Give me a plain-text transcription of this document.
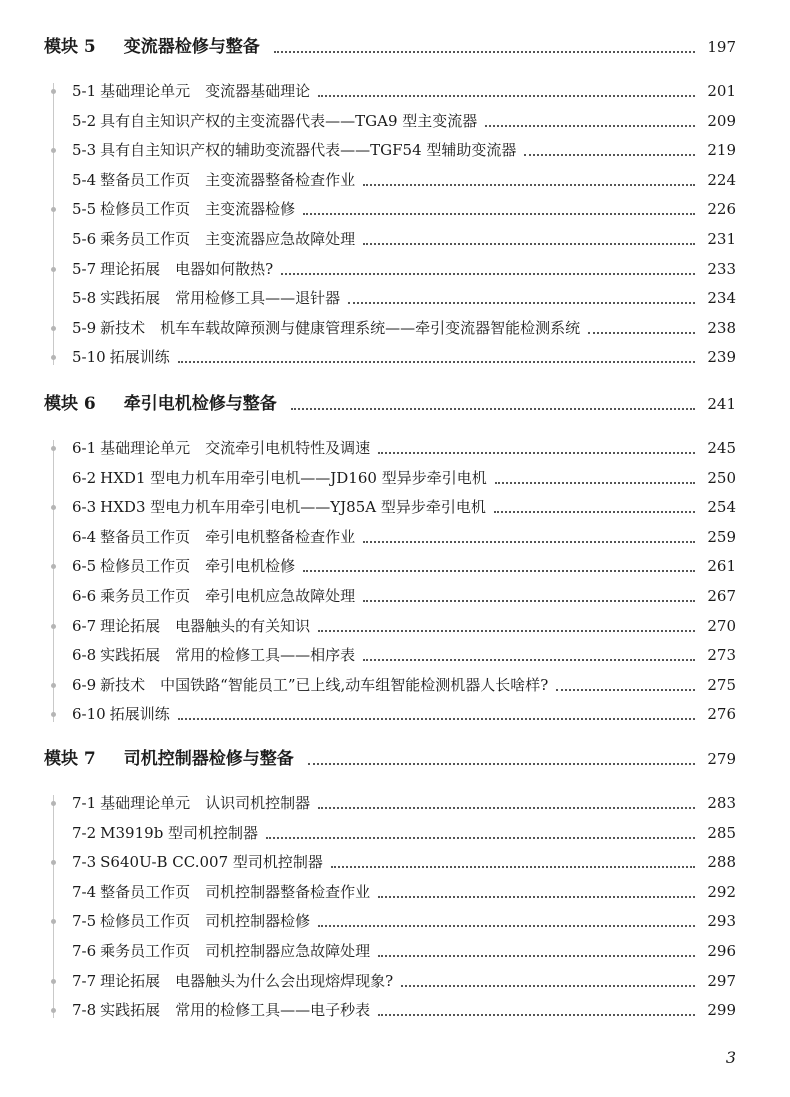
模块 5 变流器检修与整备	197
5-1 基础理论单元　变流器基础理论	201
5-2 具有自主知识产权的主变流器代表——TGA9 型主变流器	209
5-3 具有自主知识产权的辅助变流器代表——TGF54 型辅助变流器	219
5-4 整备员工作页　主变流器整备检查作业	224
5-5 检修员工作页　主变流器检修	226
5-6 乘务员工作页　主变流器应急故障处理	231
5-7 理论拓展　电器如何散热?	233
5-8 实践拓展　常用检修工具——退针器	234
5-9 新技术　机车车载故障预测与健康管理系统——牵引变流器智能检测系统	238
5-10 拓展训练	239
模块 6 牵引电机检修与整备	241
6-1 基础理论单元　交流牵引电机特性及调速	245
6-2 HXD1 型电力机车用牵引电机——JD160 型异步牵引电机	250
6-3 HXD3 型电力机车用牵引电机——YJ85A 型异步牵引电机	254
6-4 整备员工作页　牵引电机整备检查作业	259
6-5 检修员工作页　牵引电机检修	261
6-6 乘务员工作页　牵引电机应急故障处理	267
6-7 理论拓展　电器触头的有关知识	270
6-8 实践拓展　常用的检修工具——相序表	273
6-9 新技术　中国铁路“智能员工”已上线,动车组智能检测机器人长啥样?	275
6-10 拓展训练	276
模块 7 司机控制器检修与整备	279
7-1 基础理论单元　认识司机控制器	283
7-2 M3919b 型司机控制器	285
7-3 S640U-B CC.007 型司机控制器	288
7-4 整备员工作页　司机控制器整备检查作业	292
7-5 检修员工作页　司机控制器检修	293
7-6 乘务员工作页　司机控制器应急故障处理	296
7-7 理论拓展　电器触头为什么会出现熔焊现象?	297
7-8 实践拓展　常用的检修工具——电子秒表	299
3
